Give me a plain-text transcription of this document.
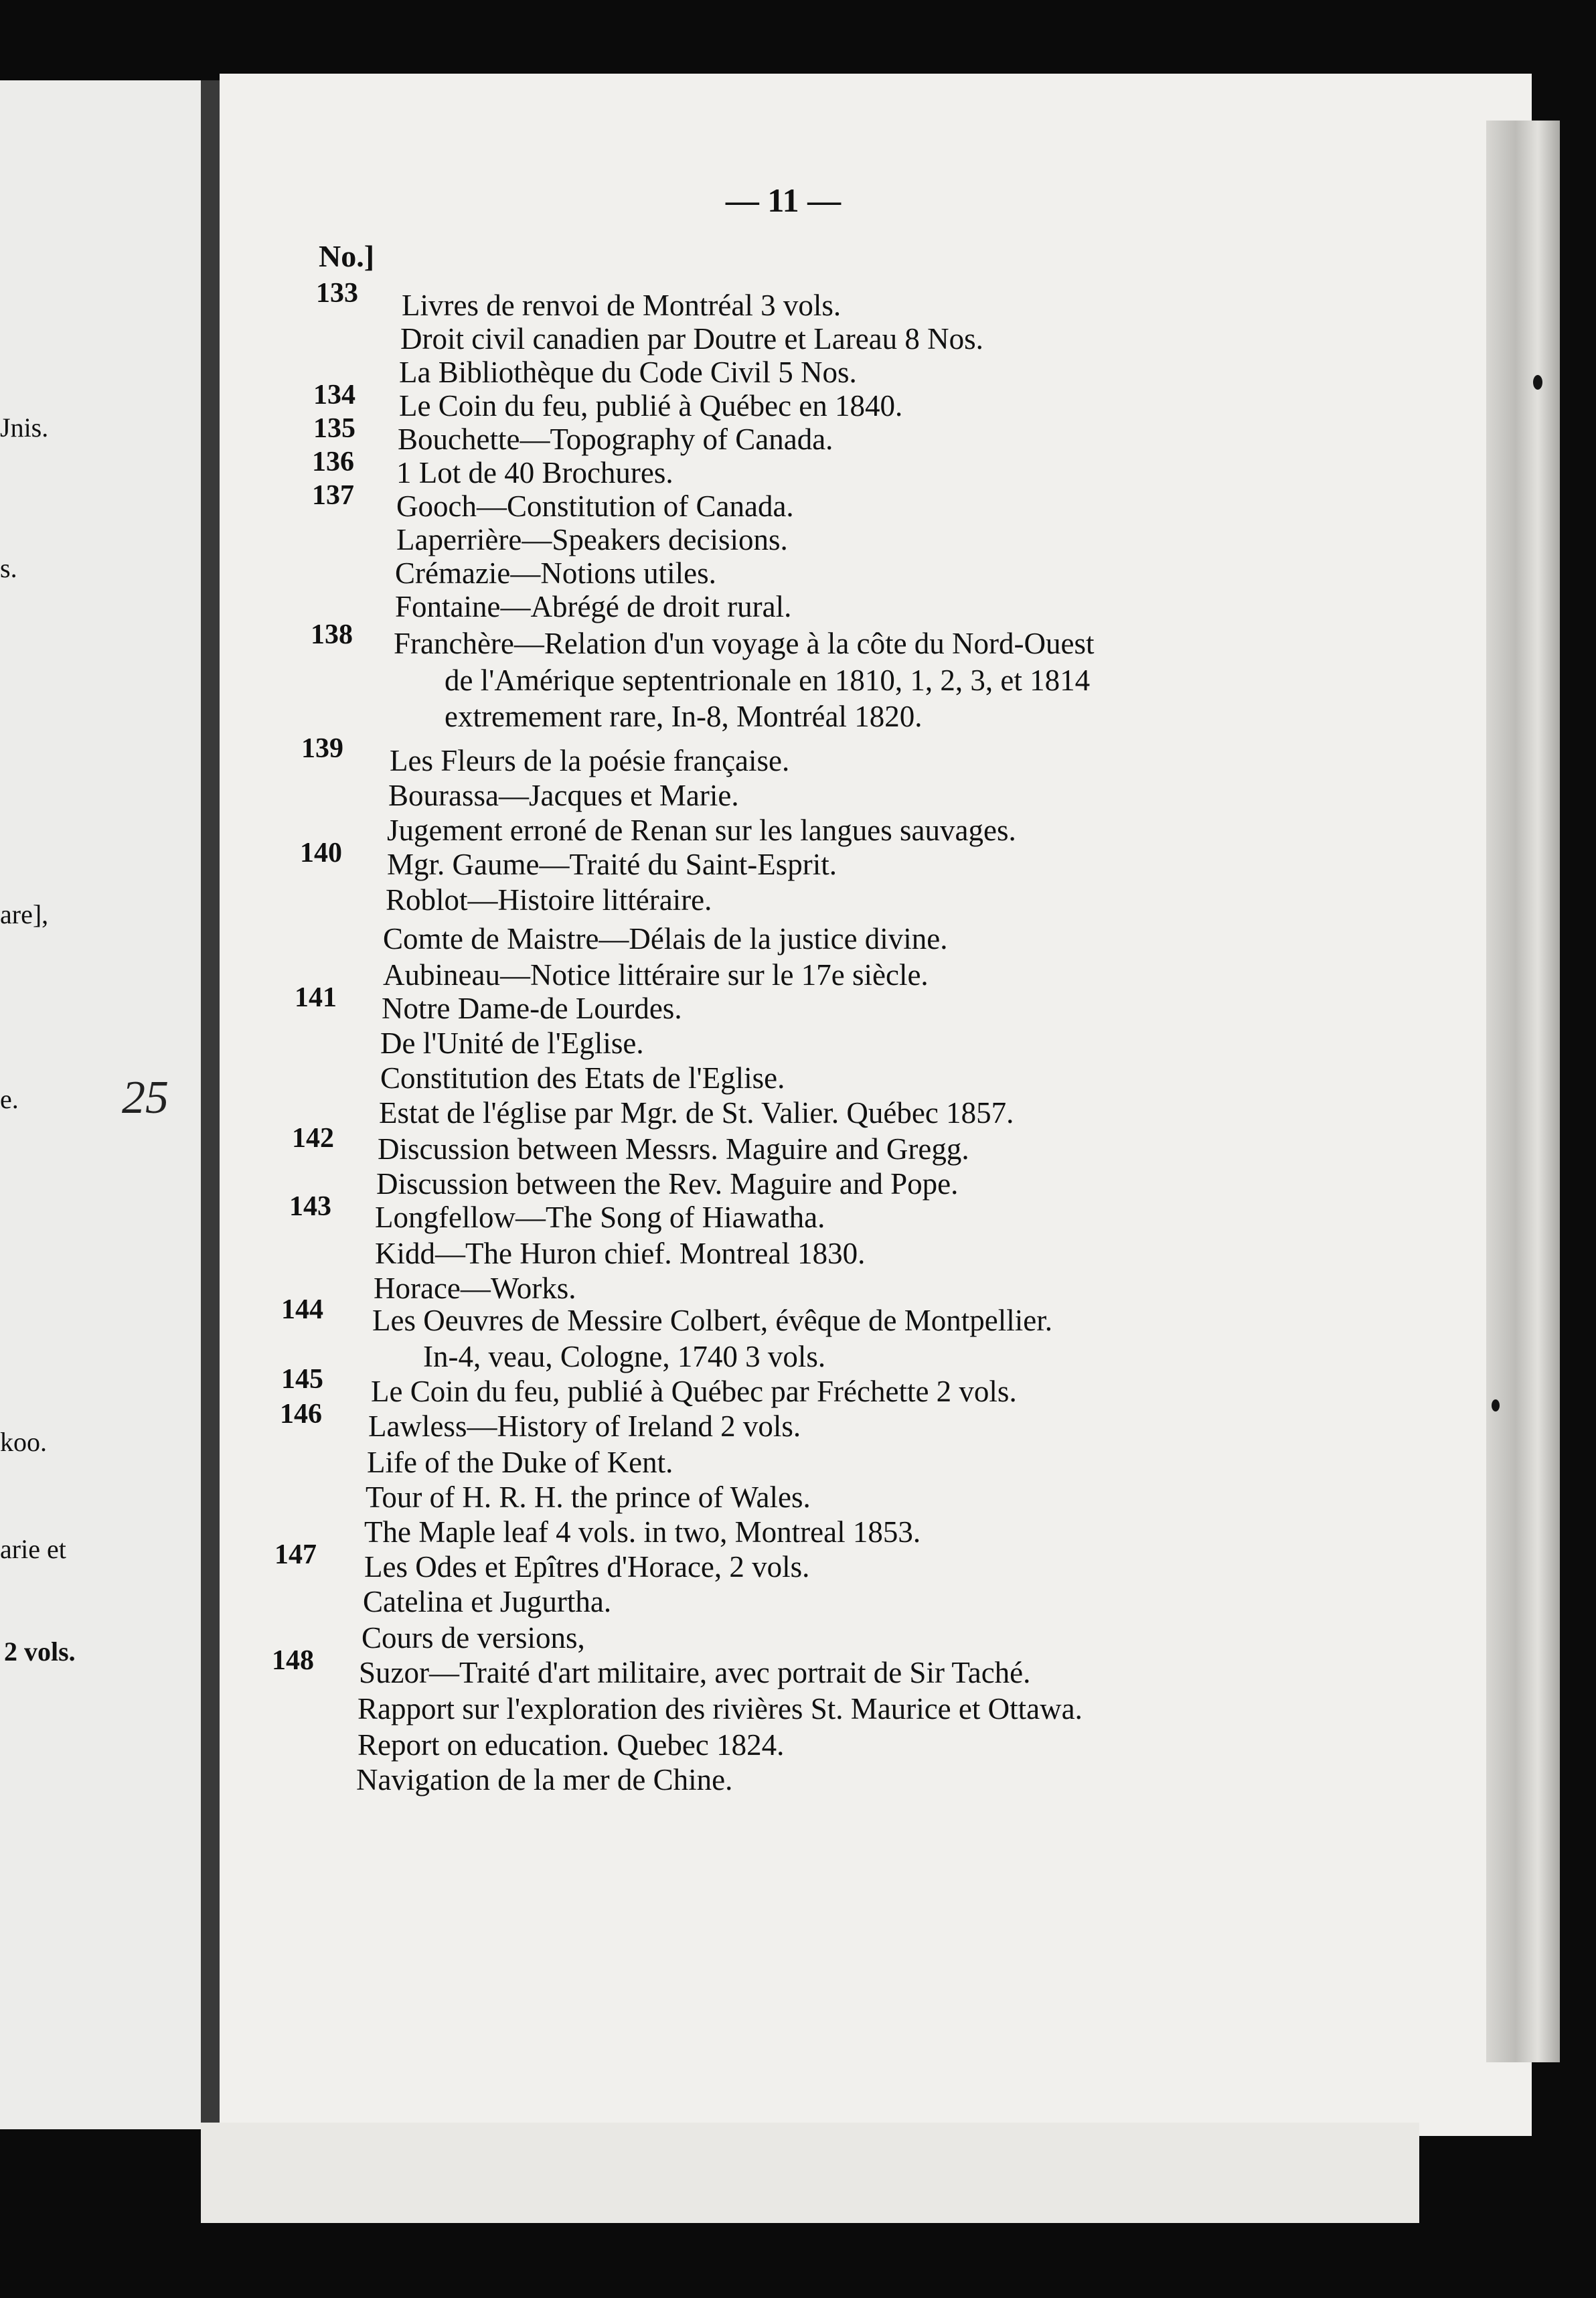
Jnis.
s.
are],
e.
koo.
arie et
2 vols.
— 11 —
No.]
25
133 Livres de renvoi de Montréal 3 vols.
Droit civil canadien par Doutre et Lareau 8 Nos.
La Bibliothèque du Code Civil 5 Nos.
134 Le Coin du feu, publié à Québec en 1840.
135 Bouchette—Topography of Canada.
136 1 Lot de 40 Brochures.
137 Gooch—Constitution of Canada.
Laperrière—Speakers decisions.
Crémazie—Notions utiles.
Fontaine—Abrégé de droit rural.
138 Franchère—Relation d'un voyage à la côte du Nord-Ouest
de l'Amérique septentrionale en 1810, 1, 2, 3, et 1814
extremement rare, In-8, Montréal 1820.
139 Les Fleurs de la poésie française.
Bourassa—Jacques et Marie.
Jugement erroné de Renan sur les langues sauvages.
140 Mgr. Gaume—Traité du Saint-Esprit.
Roblot—Histoire littéraire.
Comte de Maistre—Délais de la justice divine.
Aubineau—Notice littéraire sur le 17e siècle.
141 Notre Dame-de Lourdes.
De l'Unité de l'Eglise.
Constitution des Etats de l'Eglise.
Estat de l'église par Mgr. de St. Valier. Québec 1857.
142 Discussion between Messrs. Maguire and Gregg.
Discussion between the Rev. Maguire and Pope.
143 Longfellow—The Song of Hiawatha.
Kidd—The Huron chief. Montreal 1830.
Horace—Works.
144 Les Oeuvres de Messire Colbert, évêque de Montpellier.
In-4, veau, Cologne, 1740 3 vols.
145 Le Coin du feu, publié à Québec par Fréchette 2 vols.
146 Lawless—History of Ireland 2 vols.
Life of the Duke of Kent.
Tour of H. R. H. the prince of Wales.
The Maple leaf 4 vols. in two, Montreal 1853.
147 Les Odes et Epîtres d'Horace, 2 vols.
Catelina et Jugurtha.
Cours de versions,
148 Suzor—Traité d'art militaire, avec portrait de Sir Taché.
Rapport sur l'exploration des rivières St. Maurice et Ottawa.
Report on education. Quebec 1824.
Navigation de la mer de Chine.
